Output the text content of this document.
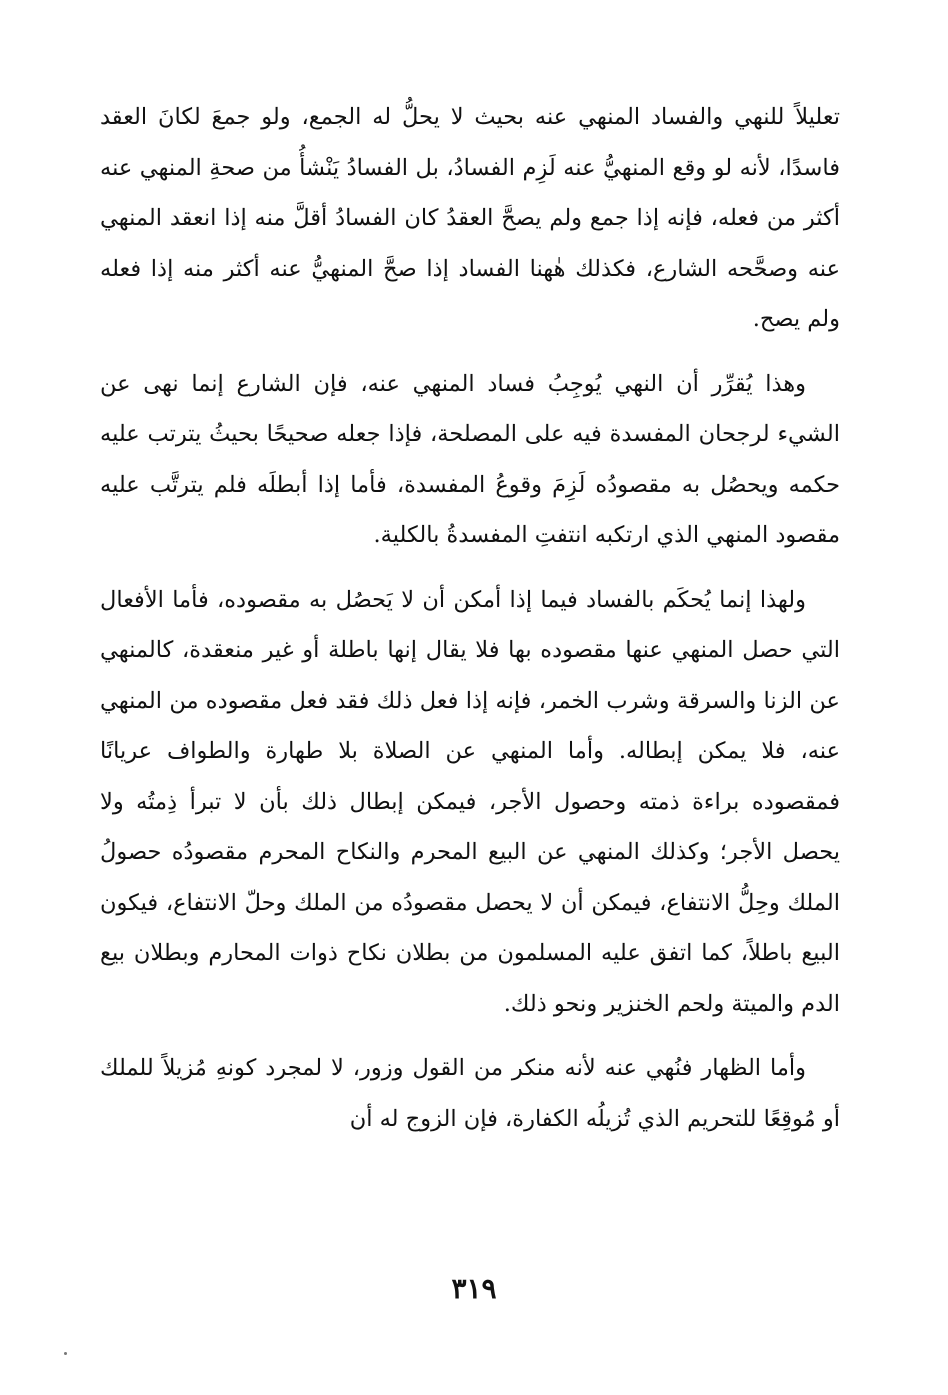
تعليلاً للنهي والفساد المنهي عنه بحيث لا يحلُّ له الجمع، ولو جمعَ لكانَ العقد فاسدًا، لأنه لو وقع المنهيُّ عنه لَزِم الفسادُ، بل الفسادُ يَنْشأُ من صحةِ المنهي عنه أكثر من فعله، فإنه إذا جمع ولم يصحَّ العقدُ كان الفسادُ أقلَّ منه إذا انعقد المنهي عنه وصحَّحه الشارع، فكذلك هٰهنا الفساد إذا صحَّ المنهيُّ عنه أكثر منه إذا فعله ولم يصح.

وهذا يُقرِّر أن النهي يُوجِبُ فساد المنهي عنه، فإن الشارع إنما نهى عن الشيء لرجحان المفسدة فيه على المصلحة، فإذا جعله صحيحًا بحيثُ يترتب عليه حكمه ويحصُل به مقصودُه لَزِمَ وقوعُ المفسدة، فأما إذا أبطلَه فلم يترتَّب عليه مقصود المنهي الذي ارتكبه انتفتِ المفسدةُ بالكلية.

ولهذا إنما يُحكَم بالفساد فيما إذا أمكن أن لا يَحصُل به مقصوده، فأما الأفعال التي حصل المنهي عنها مقصوده بها فلا يقال إنها باطلة أو غير منعقدة، كالمنهي عن الزنا والسرقة وشرب الخمر، فإنه إذا فعل ذلك فقد فعل مقصوده من المنهي عنه، فلا يمكن إبطاله. وأما المنهي عن الصلاة بلا طهارة والطواف عريانًا فمقصوده براءة ذمته وحصول الأجر، فيمكن إبطال ذلك بأن لا تبرأ ذِمتُه ولا يحصل الأجر؛ وكذلك المنهي عن البيع المحرم والنكاح المحرم مقصودُه حصولُ الملك وحِلُّ الانتفاع، فيمكن أن لا يحصل مقصودُه من الملك وحلّ الانتفاع، فيكون البيع باطلاً، كما اتفق عليه المسلمون من بطلان نكاح ذوات المحارم وبطلان بيع الدم والميتة ولحم الخنزير ونحو ذلك.

وأما الظهار فنُهي عنه لأنه منكر من القول وزور، لا لمجرد كونهِ مُزيلاً للملك أو مُوقِعًا للتحريم الذي تُزيلُه الكفارة، فإن الزوج له أن

٣١٩
